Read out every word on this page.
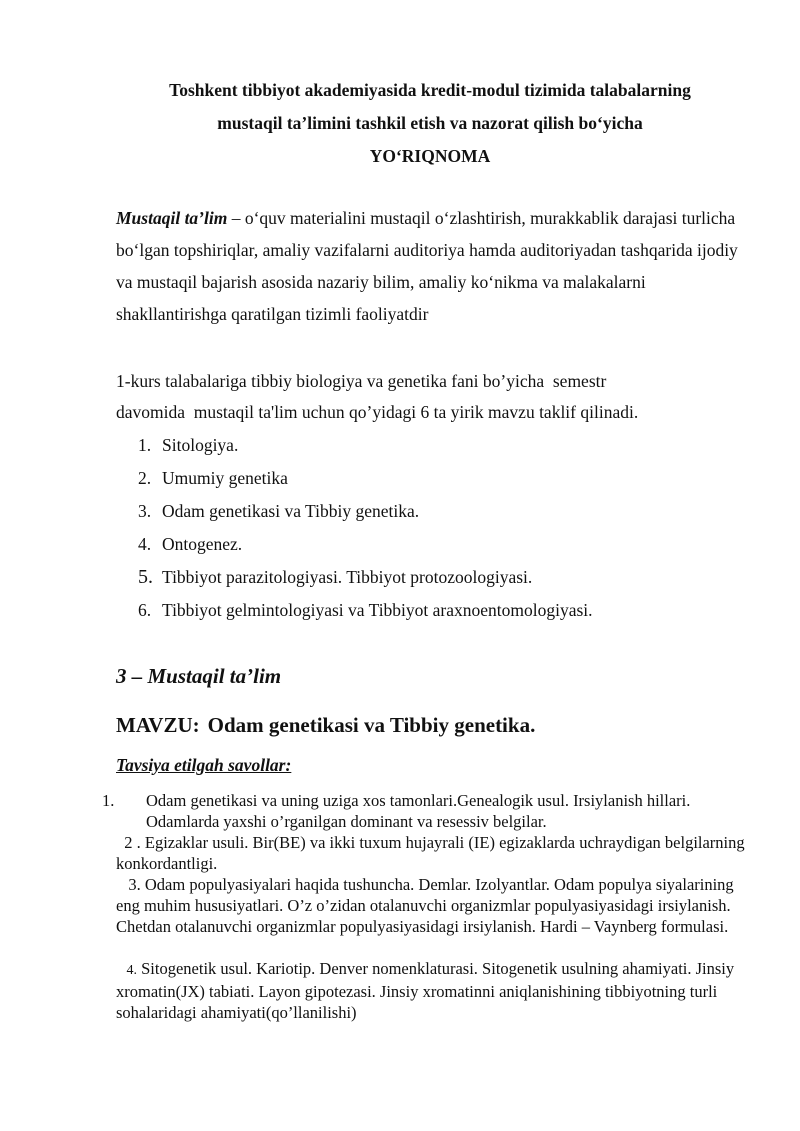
Toshkent tibbiyot akademiyasida kredit-modul tizimida talabalarning
mustaqil ta’limini tashkil etish va nazorat qilish bo‘yicha
YO‘RIQNOMA
Mustaqil ta’lim – o‘quv materialini mustaqil o‘zlashtirish, murakkablik darajasi turlicha bo‘lgan topshiriqlar, amaliy vazifalarni auditoriya hamda auditoriyadan tashqarida ijodiy va mustaqil bajarish asosida nazariy bilim, amaliy ko‘nikma va malakalarni shakllantirishga qaratilgan tizimli faoliyatdir
1-kurs talabalariga tibbiy biologiya va genetika fani bo’yicha  semestr
davomida  mustaqil ta'lim uchun qo’yidagi 6 ta yirik mavzu taklif qilinadi.
1. Sitologiya.
2. Umumiy genetika
3. Odam genetikasi va Tibbiy genetika.
4. Ontogenez.
5. Tibbiyot parazitologiyasi. Tibbiyot protozoologiyasi.
6. Tibbiyot gelmintologiyasi va Tibbiyot araxnoentomologiyasi.
3 – Mustaqil ta’lim
MAVZU: Odam genetikasi va Tibbiy genetika.
Tavsiya etilgah savollar:
1. Odam genetikasi va uning uziga xos tamonlari.Genealogik usul. Irsiylanish hillari. Odamlarda yaxshi o’rganilgan dominant va resessiv belgilar.
2 . Egizaklar usuli. Bir(BE) va ikki tuxum hujayrali (IE) egizaklarda uchraydigan belgilarning konkordantligi.
3. Odam populyasiyalari haqida tushuncha. Demlar. Izolyantlar. Odam populya siyalarining eng muhim hususiyatlari. O’z o’zidan otalanuvchi organizmlar populyasiyasidagi irsiylanish. Chetdan otalanuvchi organizmlar populyasiyasidagi irsiylanish. Hardi – Vaynberg formulasi.
4. Sitogenetik usul. Kariotip. Denver nomenklaturasi. Sitogenetik usulning ahamiyati. Jinsiy xromatin(JX) tabiati. Layon gipotezasi. Jinsiy xromatinni aniqlanishining tibbiyotning turli sohalaridagi ahamiyati(qo’llanilishi)
